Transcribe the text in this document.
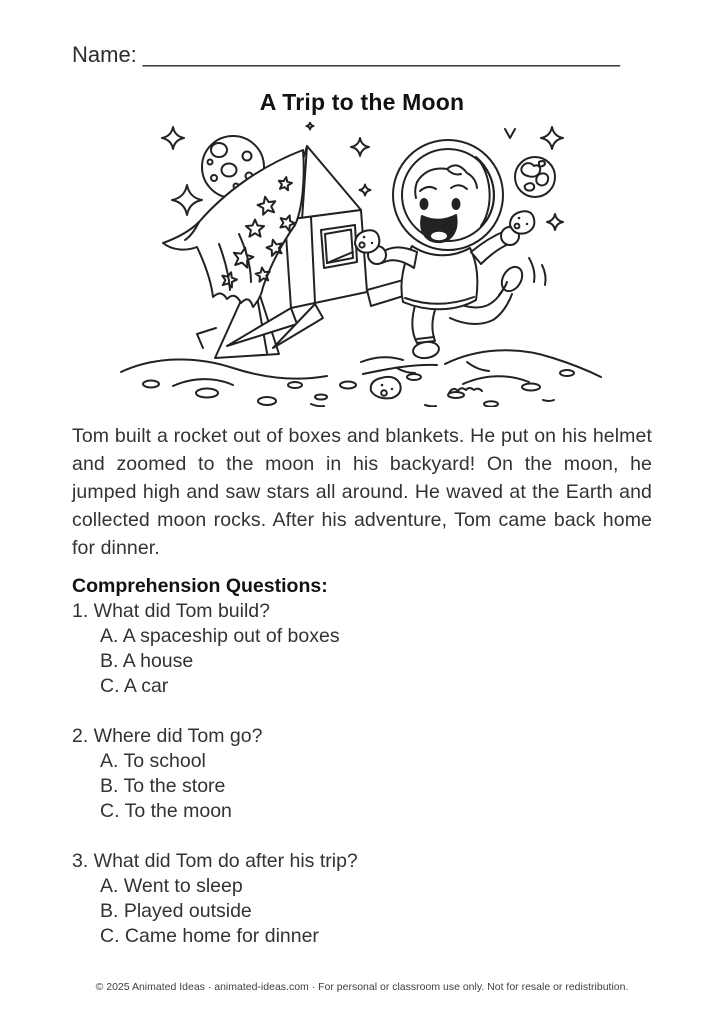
Name: _______________________________________
A Trip to the Moon

Tom built a rocket out of boxes and blankets. He put on his helmet and zoomed to the moon in his backyard! On the moon, he jumped high and saw stars all around. He waved at the Earth and collected moon rocks. After his adventure, Tom came back home for dinner.

Comprehension Questions:
1. What did Tom build?
A. A spaceship out of boxes
B. A house
C. A car
2. Where did Tom go?
A. To school
B. To the store
C. To the moon
3. What did Tom do after his trip?
A. Went to sleep
B. Played outside
C. Came home for dinner
© 2025 Animated Ideas · animated-ideas.com · For personal or classroom use only. Not for resale or redistribution.
